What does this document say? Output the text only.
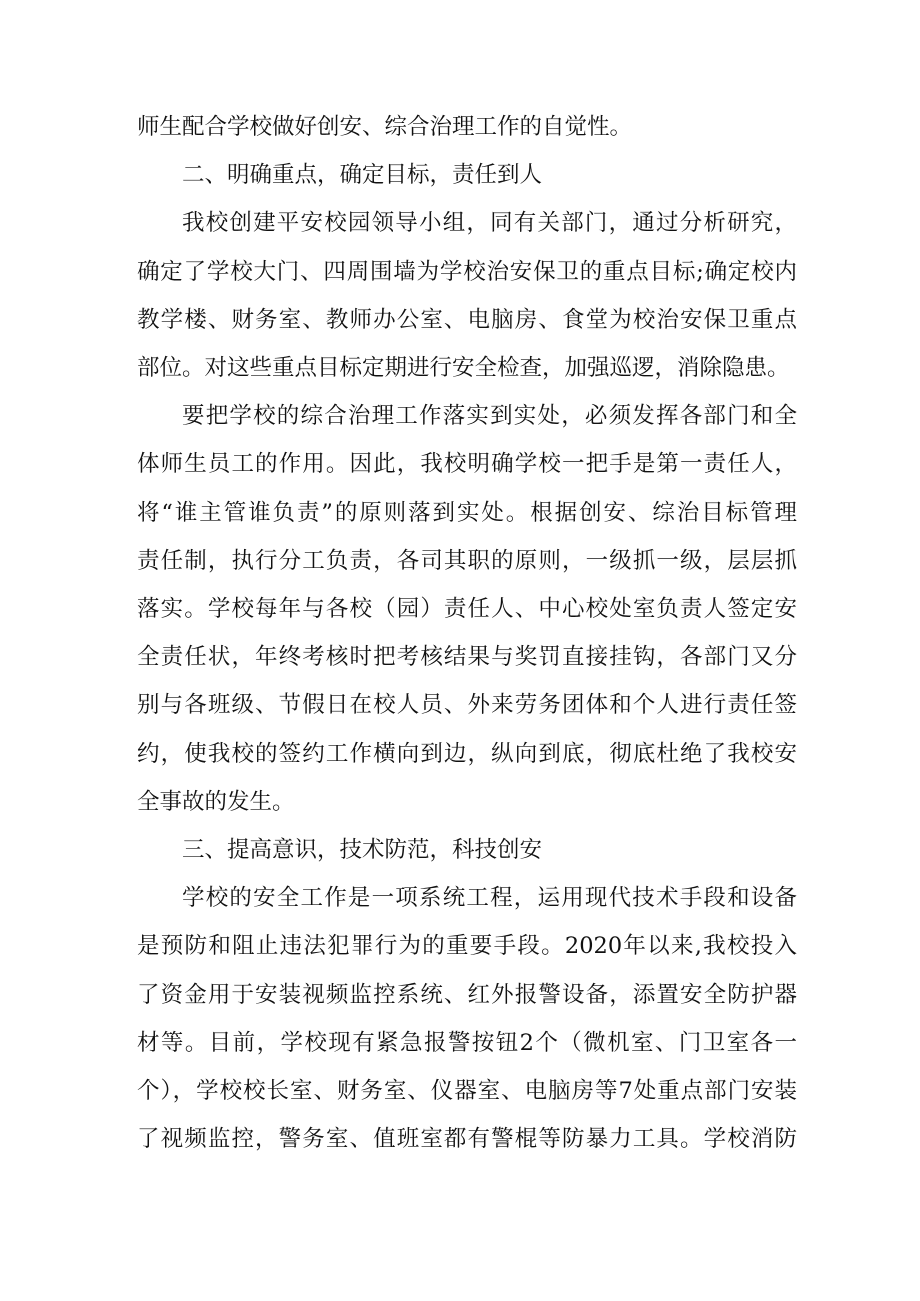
师生配合学校做好创安、综合治理工作的自觉性。
二、明确重点，确定目标，责任到人
我校创建平安校园领导小组，同有关部门，通过分析研究，
确定了学校大门、四周围墙为学校治安保卫的重点目标;确定校内
教学楼、财务室、教师办公室、电脑房、食堂为校治安保卫重点
部位。对这些重点目标定期进行安全检查，加强巡逻，消除隐患。
要把学校的综合治理工作落实到实处，必须发挥各部门和全
体师生员工的作用。因此，我校明确学校一把手是第一责任人，
将“谁主管谁负责”的原则落到实处。根据创安、综治目标管理
责任制，执行分工负责，各司其职的原则，一级抓一级，层层抓
落实。学校每年与各校（园）责任人、中心校处室负责人签定安
全责任状，年终考核时把考核结果与奖罚直接挂钩，各部门又分
别与各班级、节假日在校人员、外来劳务团体和个人进行责任签
约，使我校的签约工作横向到边，纵向到底，彻底杜绝了我校安
全事故的发生。
三、提高意识，技术防范，科技创安
学校的安全工作是一项系统工程，运用现代技术手段和设备
是预防和阻止违法犯罪行为的重要手段。2020年以来,我校投入
了资金用于安装视频监控系统、红外报警设备，添置安全防护器
材等。目前，学校现有紧急报警按钮2个（微机室、门卫室各一
个），学校校长室、财务室、仪器室、电脑房等7处重点部门安装
了视频监控，警务室、值班室都有警棍等防暴力工具。学校消防
